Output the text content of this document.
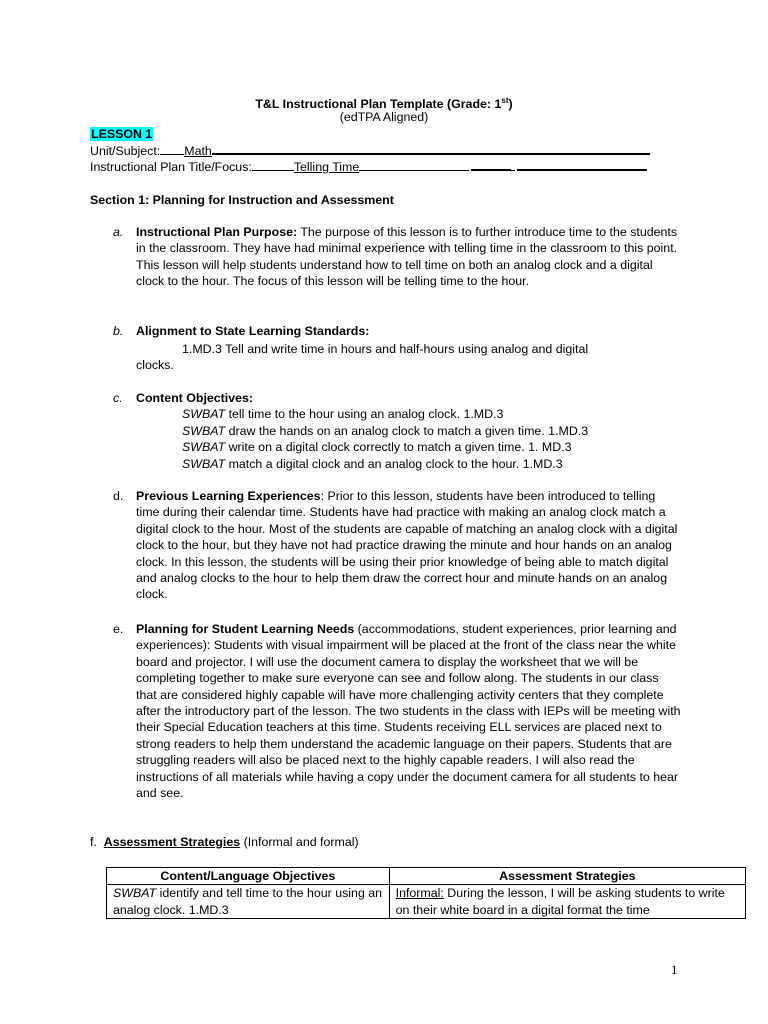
T&L Instructional Plan Template (Grade: 1st)
(edTPA Aligned)
LESSON 1
Unit/Subject: Math
Instructional Plan Title/Focus:	Telling Time
Section 1: Planning for Instruction and Assessment
a. Instructional Plan Purpose: The purpose of this lesson is to further introduce time to the students in the classroom. They have had minimal experience with telling time in the classroom to this point. This lesson will help students understand how to tell time on both an analog clock and a digital clock to the hour. The focus of this lesson will be telling time to the hour.
b. Alignment to State Learning Standards:
1.MD.3 Tell and write time in hours and half-hours using analog and digital
clocks.
c. Content Objectives:
SWBAT tell time to the hour using an analog clock. 1.MD.3
SWBAT draw the hands on an analog clock to match a given time. 1.MD.3
SWBAT write on a digital clock correctly to match a given time. 1. MD.3
SWBAT match a digital clock and an analog clock to the hour. 1.MD.3
d. Previous Learning Experiences: Prior to this lesson, students have been introduced to telling time during their calendar time. Students have had practice with making an analog clock match a digital clock to the hour. Most of the students are capable of matching an analog clock with a digital clock to the hour, but they have not had practice drawing the minute and hour hands on an analog clock. In this lesson, the students will be using their prior knowledge of being able to match digital and analog clocks to the hour to help them draw the correct hour and minute hands on an analog clock.
e. Planning for Student Learning Needs (accommodations, student experiences, prior learning and experiences): Students with visual impairment will be placed at the front of the class near the white board and projector. I will use the document camera to display the worksheet that we will be completing together to make sure everyone can see and follow along. The students in our class that are considered highly capable will have more challenging activity centers that they complete after the introductory part of the lesson. The two students in the class with IEPs will be meeting with their Special Education teachers at this time. Students receiving ELL services are placed next to strong readers to help them understand the academic language on their papers. Students that are struggling readers will also be placed next to the highly capable readers. I will also read the instructions of all materials while having a copy under the document camera for all students to hear and see.
f. Assessment Strategies (Informal and formal)
Content/Language Objectives	Assessment Strategies
SWBAT identify and tell time to the hour using an analog clock. 1.MD.3	Informal: During the lesson, I will be asking students to write on their white board in a digital format the time
1
